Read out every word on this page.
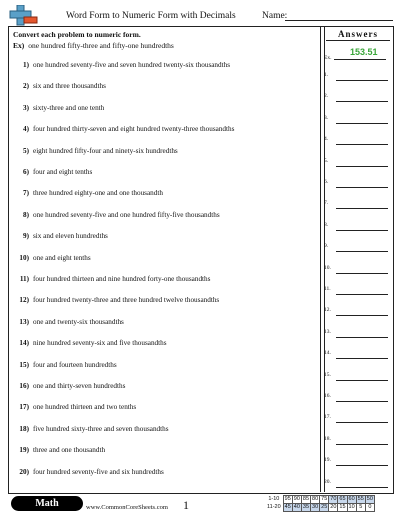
Word Form to Numeric Form with Decimals	Name:
Convert each problem to numeric form.
Ex) one hundred fifty-three and fifty-one hundredths
1) one hundred seventy-five and seven hundred twenty-six thousandths
2) six and three thousandths
3) sixty-three and one tenth
4) four hundred thirty-seven and eight hundred twenty-three thousandths
5) eight hundred fifty-four and ninety-six hundredths
6) four and eight tenths
7) three hundred eighty-one and one thousandth
8) one hundred seventy-five and one hundred fifty-five thousandths
9) six and eleven hundredths
10) one and eight tenths
11) four hundred thirteen and nine hundred forty-one thousandths
12) four hundred twenty-three and three hundred twelve thousandths
13) one and twenty-six thousandths
14) nine hundred seventy-six and five thousandths
15) four and fourteen hundredths
16) one and thirty-seven hundredths
17) one hundred thirteen and two tenths
18) five hundred sixty-three and seven thousandths
19) three and one thousandth
20) four hundred seventy-five and six hundredths
Answers
Ex.
153.51
1.
2.
3.
4.
5.
6.
7.
8.
9.
10.
11.
12.
13.
14.
15.
16.
17.
18.
19.
20.
Math	1
www.CommonCoreSheets.com
1-10	95	90	85	80	75	70	65	60	55	50
11-20	45	40	35	30	25	20	15	10	5	0
